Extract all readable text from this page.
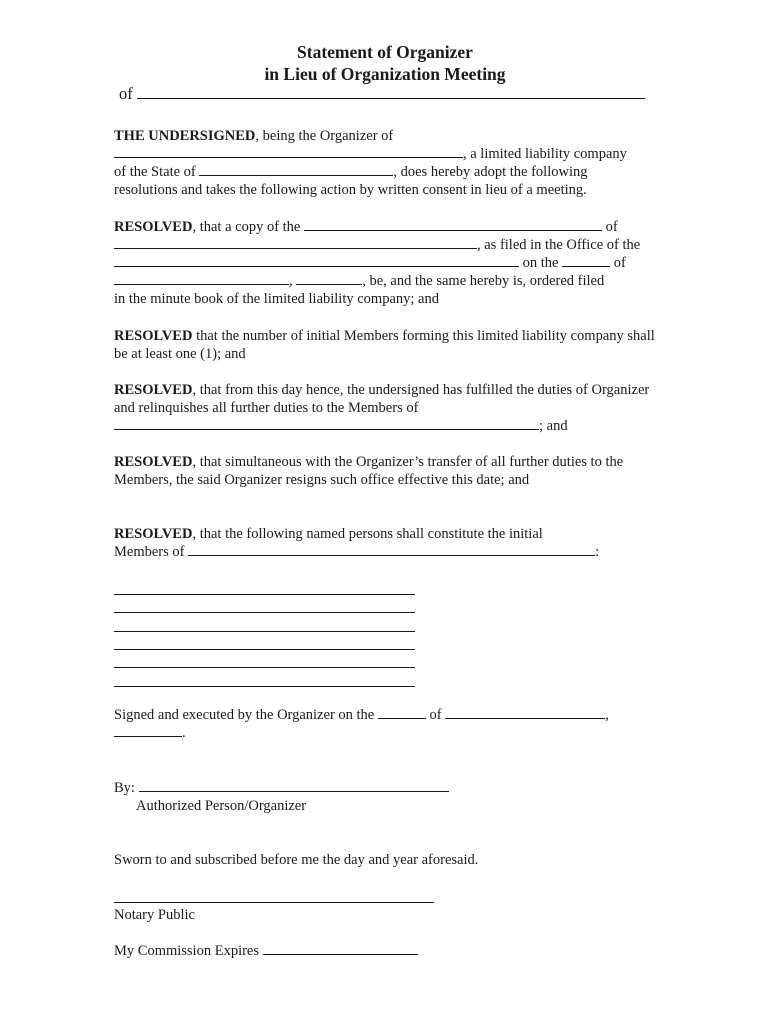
Statement of Organizer
in Lieu of Organization Meeting
of
THE UNDERSIGNED, being the Organizer of
, a limited liability company
of the State of	, does hereby adopt the following
resolutions and takes the following action by written consent in lieu of a meeting.
RESOLVED, that a copy of the	of
, as filed in the Office of the
on the	of
,	, be, and the same hereby is, ordered filed
in the minute book of the limited liability company; and
RESOLVED that the number of initial Members forming this limited liability company shall be at least one (1); and
RESOLVED, that from this day hence, the undersigned has fulfilled the duties of Organizer and relinquishes all further duties to the Members of
; and
RESOLVED, that simultaneous with the Organizer’s transfer of all further duties to the Members, the said Organizer resigns such office effective this date; and
RESOLVED, that the following named persons shall constitute the initial
Members of	:
Signed and executed by the Organizer on the	of	,
.
By:
Authorized Person/Organizer
Sworn to and subscribed before me the day and year aforesaid.
Notary Public
My Commission Expires
